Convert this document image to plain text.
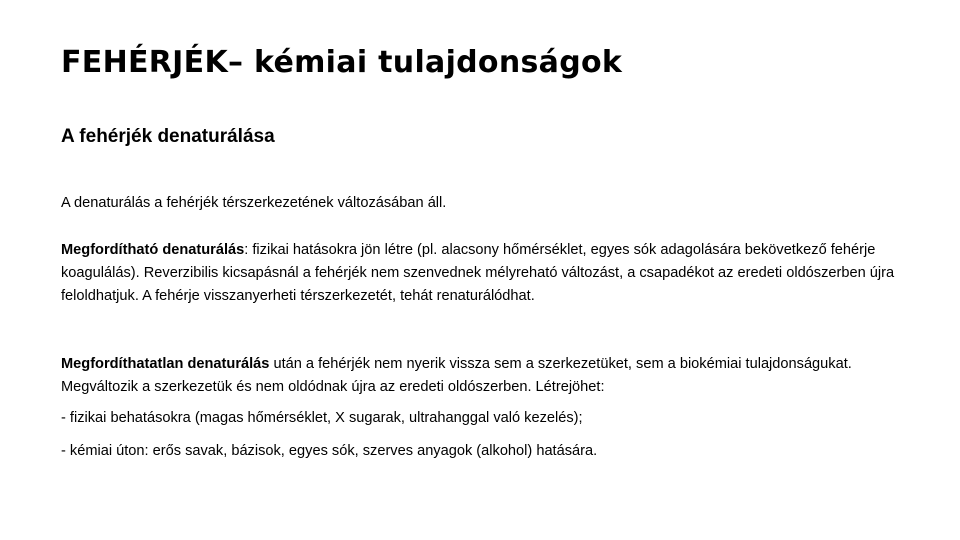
FEHÉRJÉK– kémiai tulajdonságok
A fehérjék denaturálása

A denaturálás a fehérjék térszerkezetének változásában áll.

Megfordítható denaturálás: fizikai hatásokra jön létre (pl. alacsony hőmérséklet, egyes sók adagolására bekövetkező fehérje koagulálás). Reverzibilis kicsapásnál a fehérjék nem szenvednek mélyreható változást, a csapadékot az eredeti oldószerben újra feloldhatjuk. A fehérje visszanyerheti térszerkezetét, tehát renaturálódhat.

Megfordíthatatlan denaturálás után a fehérjék nem nyerik vissza sem a szerkezetüket, sem a biokémiai tulajdonságukat. Megváltozik a szerkezetük és nem oldódnak újra az eredeti oldószerben. Létrejöhet:

- fizikai behatásokra (magas hőmérséklet, X sugarak, ultrahanggal való kezelés);

- kémiai úton: erős savak, bázisok, egyes sók, szerves anyagok (alkohol) hatására.
